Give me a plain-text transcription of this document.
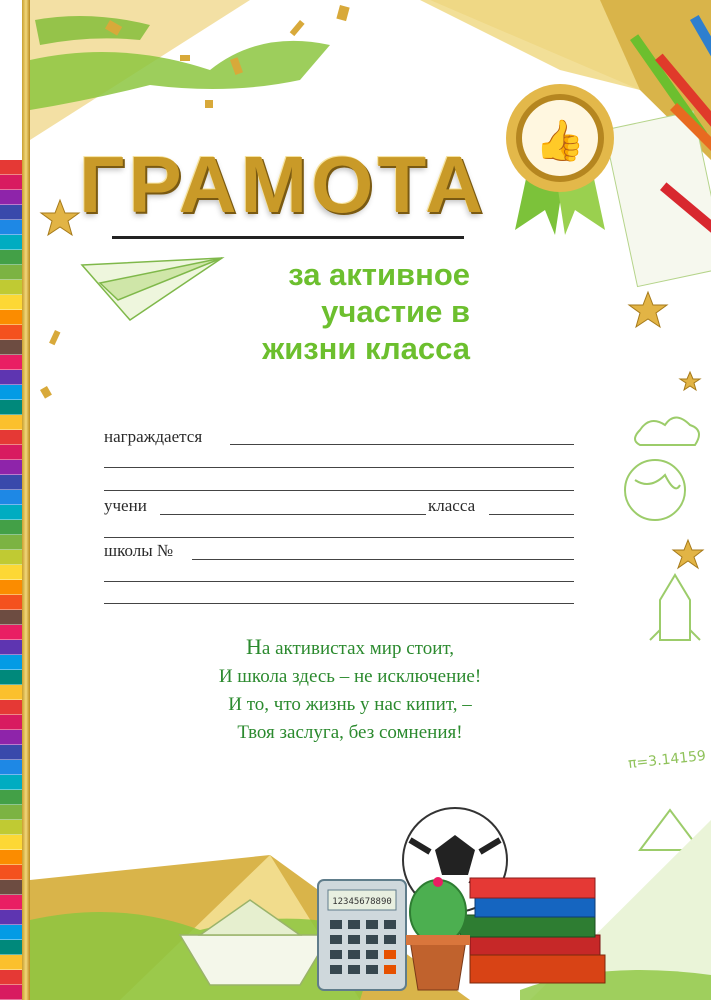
👍
12345678890
π=3.14159
ГРАМОТА
за активное
участие в
жизни класса
награждается
учени	класса
школы №
На активистах мир стоит,
И школа здесь – не исключение!
И то, что жизнь у нас кипит, –
Твоя заслуга, без сомнения!
